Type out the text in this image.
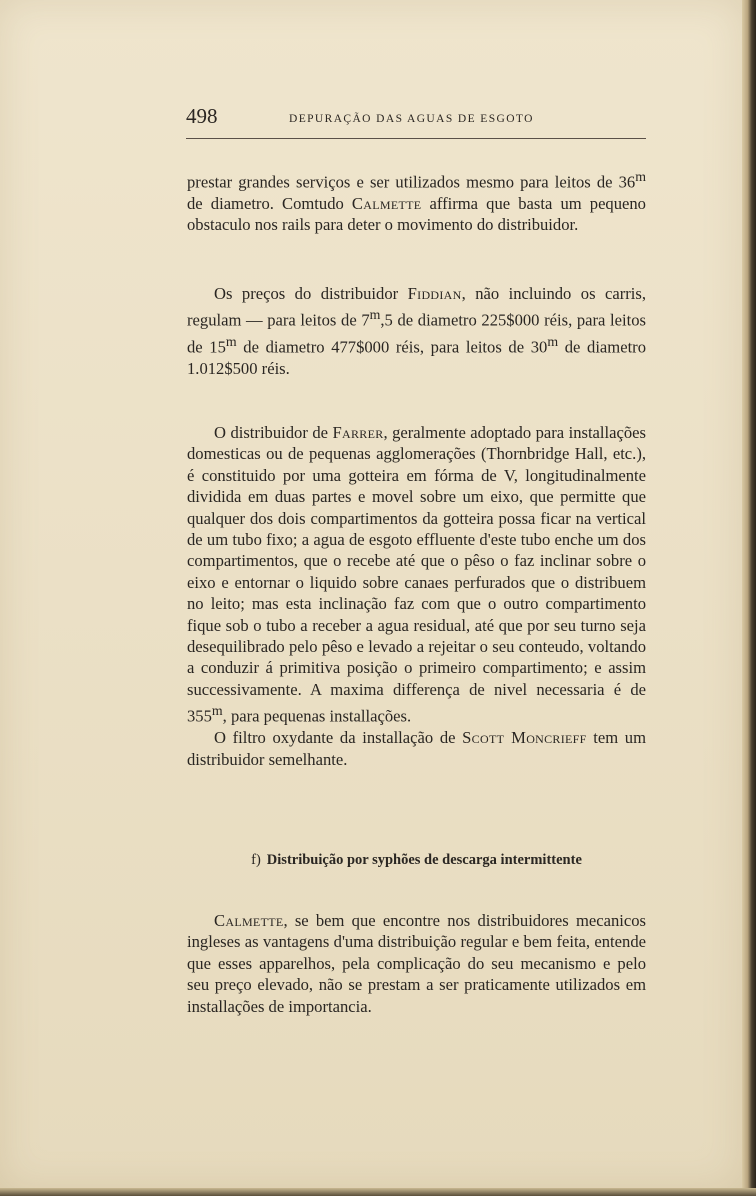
498	DEPURAÇÃO DAS AGUAS DE ESGOTO

prestar grandes serviços e ser utilizados mesmo para leitos de 36$^m$ de diametro. Comtudo Calmette affirma que basta um pequeno obstaculo nos rails para deter o movimento do distribuidor.

Os preços do distribuidor Fiddian, não incluindo os carris, regulam — para leitos de 7$^m$,5 de diametro 225$000 réis, para leitos de 15$^m$ de diametro 477$000 réis, para leitos de 30$^m$ de diametro 1.012$500 réis.

O distribuidor de Farrer, geralmente adoptado para installações domesticas ou de pequenas agglomerações (Thornbridge Hall, etc.), é constituido por uma gotteira em fórma de V, longitudinalmente dividida em duas partes e movel sobre um eixo, que permitte que qualquer dos dois compartimentos da gotteira possa ficar na vertical de um tubo fixo; a agua de esgoto effluente d'este tubo enche um dos compartimentos, que o recebe até que o pêso o faz inclinar sobre o eixo e entornar o liquido sobre canaes perfurados que o distribuem no leito; mas esta inclinação faz com que o outro compartimento fique sob o tubo a receber a agua residual, até que por seu turno seja desequilibrado pelo pêso e levado a rejeitar o seu conteudo, voltando a conduzir á primitiva posição o primeiro compartimento; e assim successivamente. A maxima differença de nivel necessaria é de 355$^m$, para pequenas installações.

O filtro oxydante da installação de Scott Moncrieff tem um distribuidor semelhante.

f) Distribuição por syphões de descarga intermittente

Calmette, se bem que encontre nos distribuidores mecanicos ingleses as vantagens d'uma distribuição regular e bem feita, entende que esses apparelhos, pela complicação do seu mecanismo e pelo seu preço elevado, não se prestam a ser praticamente utilizados em installações de importancia.
